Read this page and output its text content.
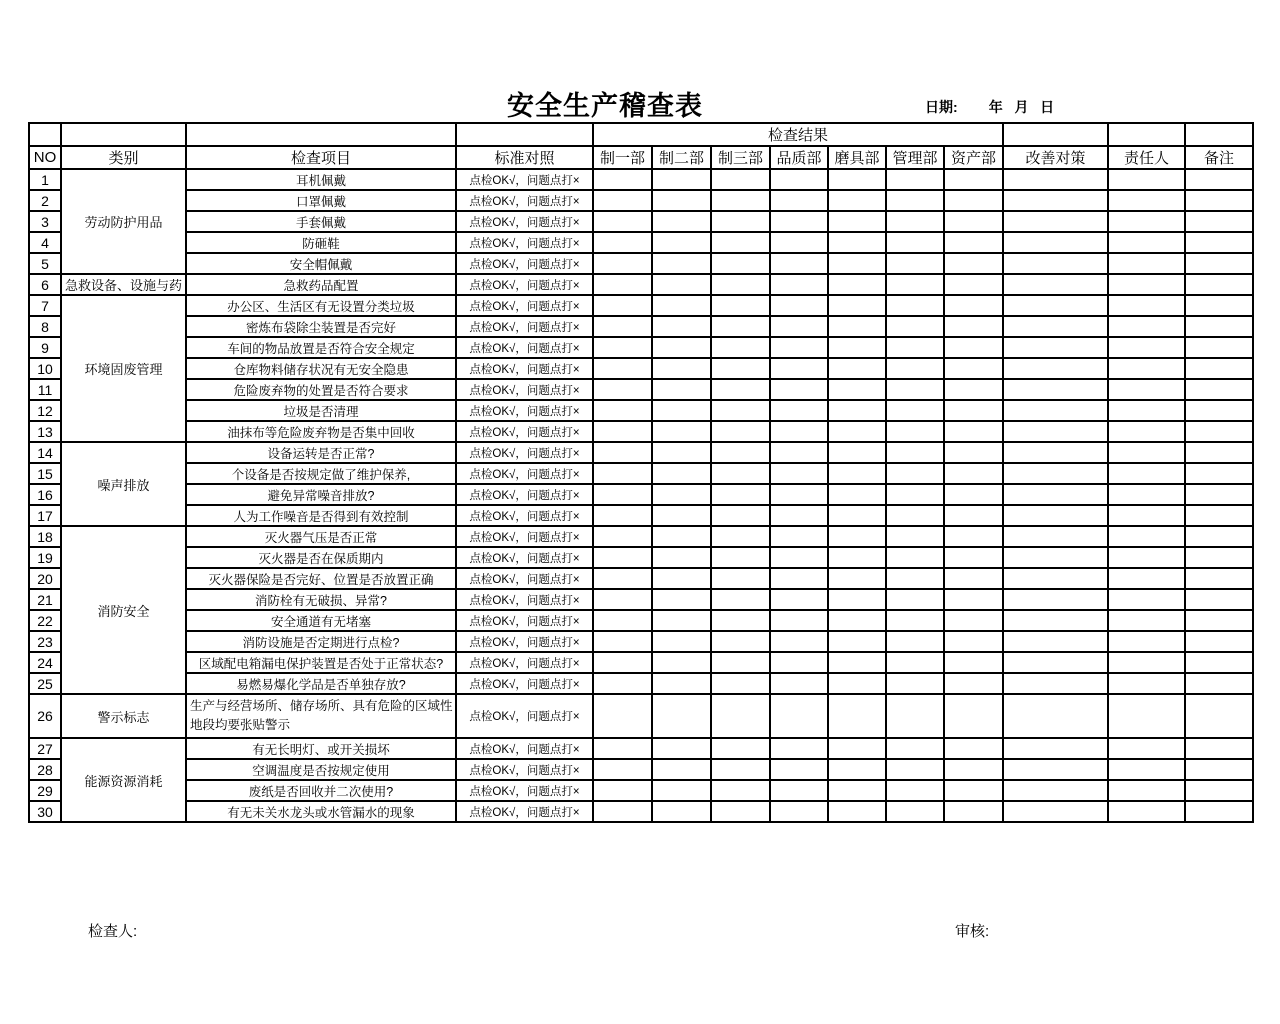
安全生产稽查表	日期:        年   月   日
				检查结果									
NO	类别	检查项目	标准对照	制一部	制二部	制三部	品质部	磨具部	管理部	资产部	改善对策	责任人	备注
1	劳动防护用品	耳机佩戴	点检OK√，问题点打×										
2		口罩佩戴	点检OK√，问题点打×										
3		手套佩戴	点检OK√，问题点打×										
4		防砸鞋	点检OK√，问题点打×										
5		安全帽佩戴	点检OK√，问题点打×										
6	急救设备、设施与药	急救药品配置	点检OK√，问题点打×										
7	环境固废管理	办公区、生活区有无设置分类垃圾	点检OK√，问题点打×										
8		密炼布袋除尘装置是否完好	点检OK√，问题点打×										
9		车间的物品放置是否符合安全规定	点检OK√，问题点打×										
10		仓库物料储存状况有无安全隐患	点检OK√，问题点打×										
11		危险废弃物的处置是否符合要求	点检OK√，问题点打×										
12		垃圾是否清理	点检OK√，问题点打×										
13		油抹布等危险废弃物是否集中回收	点检OK√，问题点打×										
14	噪声排放	设备运转是否正常?	点检OK√，问题点打×										
15		个设备是否按规定做了维护保养,	点检OK√，问题点打×										
16		避免异常噪音排放?	点检OK√，问题点打×										
17		人为工作噪音是否得到有效控制	点检OK√，问题点打×										
18	消防安全	灭火器气压是否正常	点检OK√，问题点打×										
19		灭火器是否在保质期内	点检OK√，问题点打×										
20		灭火器保险是否完好、位置是否放置正确	点检OK√，问题点打×										
21		消防栓有无破损、异常?	点检OK√，问题点打×										
22		安全通道有无堵塞	点检OK√，问题点打×										
23		消防设施是否定期进行点检?	点检OK√，问题点打×										
24		区域配电箱漏电保护装置是否处于正常状态?	点检OK√，问题点打×										
25		易燃易爆化学品是否单独存放?	点检OK√，问题点打×										
26	警示标志	生产与经营场所、储存场所、具有危险的区域性地段均要张贴警示	点检OK√，问题点打×										
27	能源资源消耗	有无长明灯、或开关损坏	点检OK√，问题点打×										
28		空调温度是否按规定使用	点检OK√，问题点打×										
29		废纸是否回收并二次使用?	点检OK√，问题点打×										
30		有无未关水龙头或水管漏水的现象	点检OK√，问题点打×										
检查人:	审核:
